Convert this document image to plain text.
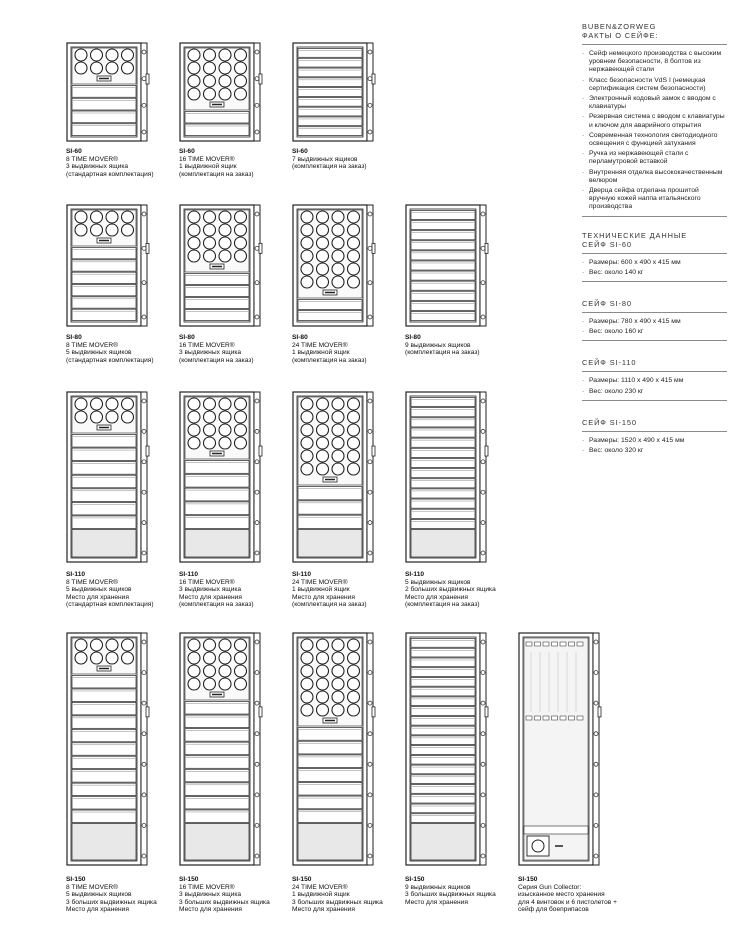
SI-60
8 TIME MOVER®
3 выдвижных ящика
(стандартная комплектация)
SI-60
16 TIME MOVER®
1 выдвижной ящик
(комплектация на заказ)
SI-60
7 выдвижных ящиков
(комплектация на заказ)
SI-80
8 TIME MOVER®
5 выдвижных ящиков
(стандартная комплектация)
SI-80
16 TIME MOVER®
3 выдвижных ящика
(комплектация на заказ)
SI-80
24 TIME MOVER®
1 выдвижной ящик
(комплектация на заказ)
SI-80
9 выдвижных ящиков
(комплектация на заказ)
SI-110
8 TIME MOVER®
5 выдвижных ящиков
Место для хранения
(стандартная комплектация)
SI-110
16 TIME MOVER®
3 выдвижных ящика
Место для хранения
(комплектация на заказ)
SI-110
24 TIME MOVER®
1 выдвижной ящик
Место для хранения
(комплектация на заказ)
SI-110
5 выдвижных ящиков
2 больших выдвижных ящика
Место для хранения
(комплектация на заказ)
SI-150
8 TIME MOVER®
5 выдвижных ящиков
3 больших выдвижных ящика
Место для хранения
SI-150
16 TIME MOVER®
3 выдвижных ящика
3 больших выдвижных ящика
Место для хранения
SI-150
24 TIME MOVER®
1 выдвижной ящик
3 больших выдвижных ящика
Место для хранения
SI-150
9 выдвижных ящиков
3 больших выдвижных ящика
Место для хранения
SI-150
Серия Gun Collector:
изысканное место хранения
для 4 винтовок и 6 пистолетов +
сейф для боеприпасов
BUBEN&ZORWEG
ФАКТЫ О СЕЙФЕ:
· Сейф немецкого производства с высоким уровнем безопасности, 8 болтов из нержавеющей стали
· Класс безопасности VdS I (немецкая сертификация систем безопасности)
· Электронный кодовый замок с вводом с клавиатуры
· Резервная система с вводом с клавиатуры и ключом для аварийного открытия
· Современная технология светодиодного освещения с функцией затухания
· Ручка из нержавеющей стали с перламутровой вставкой
· Внутренняя отделка высококачественным велюром
· Дверца сейфа отделана прошитой вручную кожей наппа итальянского производства
ТЕХНИЧЕСКИЕ ДАННЫЕ
СЕЙФ SI-60
· Размеры: 600 x 490 x 415 мм
· Вес: около 140 кг
СЕЙФ SI-80
· Размеры: 780 x 490 x 415 мм
· Вес: около 160 кг
СЕЙФ SI-110
· Размеры: 1110 x 490 x 415 мм
· Вес: около 230 кг
СЕЙФ SI-150
· Размеры: 1520 x 490 x 415 мм
· Вес: около 320 кг
